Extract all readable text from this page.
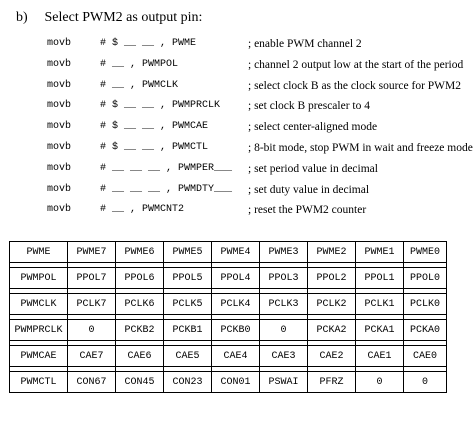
b) Select PWM2 as output pin:
movb	# $ __ __ , PWME	; enable PWM channel 2
movb	# __ , PWMPOL	; channel 2 output low at the start of the period
movb	# __ , PWMCLK	; select clock B as the clock source for PWM2
movb	# $ __ __ , PWMPRCLK ; set clock B prescaler to 4
movb	# $ __ __ , PWMCAE	; select center-aligned mode
movb	# $ __ __ , PWMCTL	; 8-bit mode, stop PWM in wait and freeze mode
movb	# __ __ __ , PWMPER___ ; set period value in decimal
movb	# __ __ __ , PWMDTY___ ; set duty value in decimal
movb	# __ , PWMCNT2	; reset the PWM2 counter
PWME	PWME7	PWME6	PWME5	PWME4	PWME3	PWME2	PWME1	PWME0

PWMPOL	PPOL7	PPOL6	PPOL5	PPOL4	PPOL3	PPOL2	PPOL1	PPOL0

PWMCLK	PCLK7	PCLK6	PCLK5	PCLK4	PCLK3	PCLK2	PCLK1	PCLK0

PWMPRCLK	0	PCKB2	PCKB1	PCKB0	0	PCKA2	PCKA1	PCKA0

PWMCAE	CAE7	CAE6	CAE5	CAE4	CAE3	CAE2	CAE1	CAE0

PWMCTL	CON67	CON45	CON23	CON01	PSWAI	PFRZ	0	0
